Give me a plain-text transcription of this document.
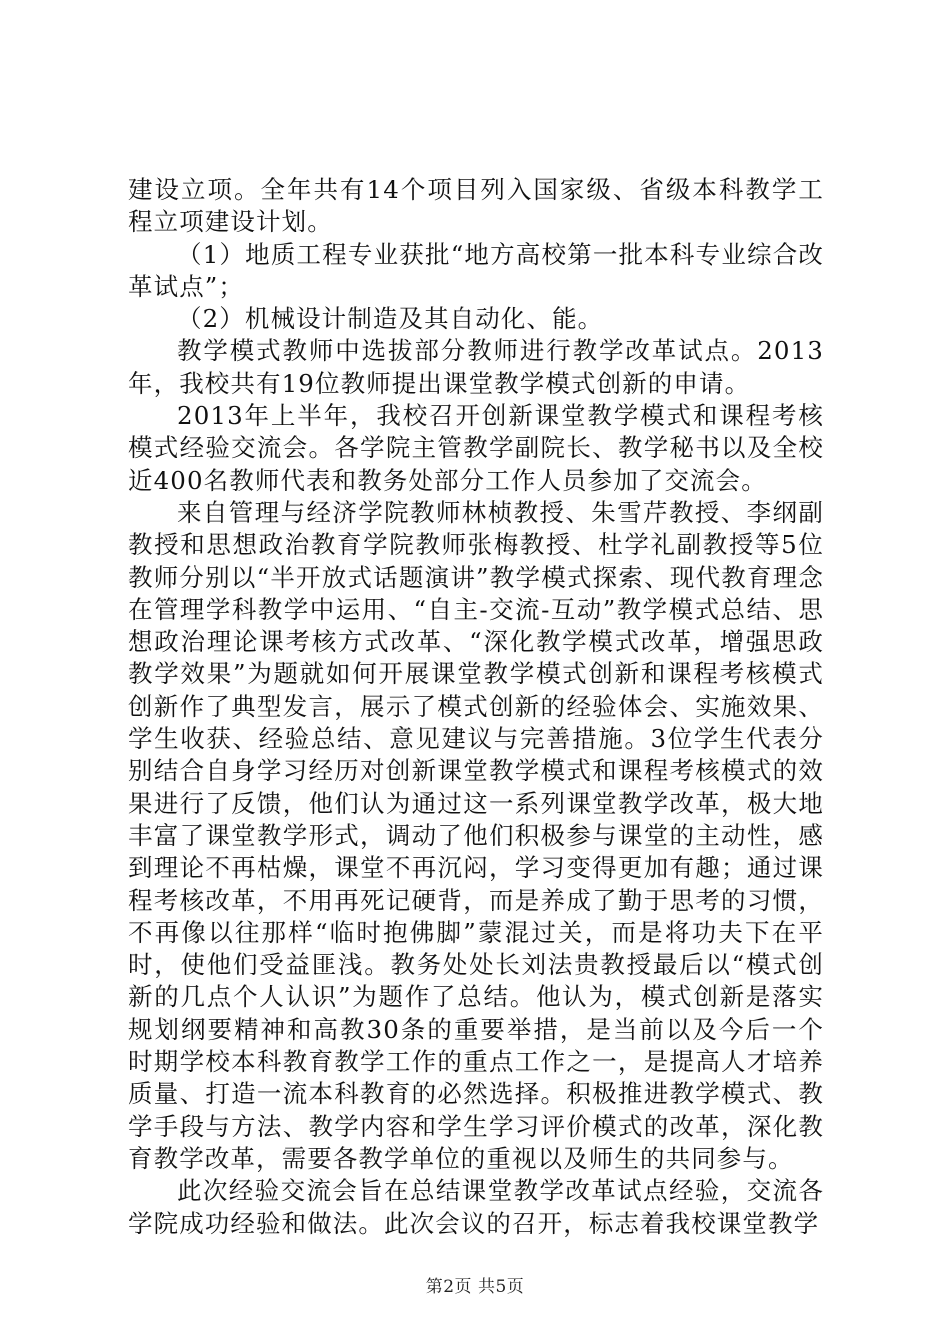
建设立项。全年共有14个项目列入国家级、省级本科教学工程立项建设计划。

（1）地质工程专业获批“地方高校第一批本科专业综合改革试点”；

（2）机械设计制造及其自动化、能。

教学模式教师中选拔部分教师进行教学改革试点。2013年，我校共有19位教师提出课堂教学模式创新的申请。

2013年上半年，我校召开创新课堂教学模式和课程考核模式经验交流会。各学院主管教学副院长、教学秘书以及全校近400名教师代表和教务处部分工作人员参加了交流会。

来自管理与经济学院教师林桢教授、朱雪芹教授、李纲副教授和思想政治教育学院教师张梅教授、杜学礼副教授等5位教师分别以“半开放式话题演讲”教学模式探索、现代教育理念在管理学科教学中运用、“自主-交流-互动”教学模式总结、思想政治理论课考核方式改革、“深化教学模式改革，增强思政教学效果”为题就如何开展课堂教学模式创新和课程考核模式创新作了典型发言，展示了模式创新的经验体会、实施效果、学生收获、经验总结、意见建议与完善措施。3位学生代表分别结合自身学习经历对创新课堂教学模式和课程考核模式的效果进行了反馈，他们认为通过这一系列课堂教学改革，极大地丰富了课堂教学形式，调动了他们积极参与课堂的主动性，感到理论不再枯燥，课堂不再沉闷，学习变得更加有趣；通过课程考核改革，不用再死记硬背，而是养成了勤于思考的习惯，不再像以往那样“临时抱佛脚”蒙混过关，而是将功夫下在平时，使他们受益匪浅。教务处处长刘法贵教授最后以“模式创新的几点个人认识”为题作了总结。他认为，模式创新是落实规划纲要精神和高教30条的重要举措，是当前以及今后一个时期学校本科教育教学工作的重点工作之一，是提高人才培养质量、打造一流本科教育的必然选择。积极推进教学模式、教学手段与方法、教学内容和学生学习评价模式的改革，深化教育教学改革，需要各教学单位的重视以及师生的共同参与。

此次经验交流会旨在总结课堂教学改革试点经验，交流各学院成功经验和做法。此次会议的召开，标志着我校课堂教学

第2页 共5页
